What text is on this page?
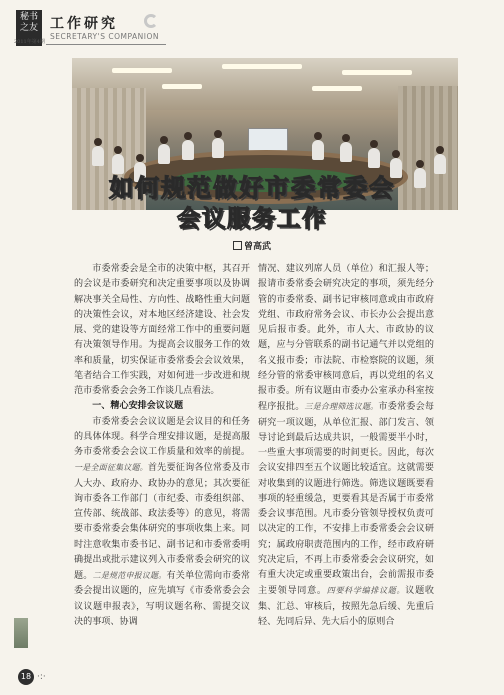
秘书
之友
2011年第4期
工作研究
SECRETARY'S COMPANION
如何规范做好市委常委会
会议服务工作
曾高武

市委常委会是全市的决策中枢，其召开的会议是市委研究和决定重要事项以及协调解决事关全局性、方向性、战略性重大问题的决策性会议，对本地区经济建设、社会发展、党的建设等方面经常工作中的重要问题有决策领导作用。为提高会议服务工作的效率和质量，切实保证市委常委会会议效果，笔者结合工作实践，对如何进一步改进和规范市委常委会会务工作谈几点看法。

一、精心安排会议议题

市委常委会会议议题是会议目的和任务的具体体现。科学合理安排议题，是提高服务市委常委会会议工作质量和效率的前提。一是全面征集议题。首先要征询各位常委及市人大办、政府办、政协办的意见；其次要征询市委各工作部门（市纪委、市委组织部、宣传部、统战部、政法委等）的意见，将需要市委常委会集体研究的事项收集上来。同时注意收集市委书记、副书记和市委常委明确提出或批示建议列入市委常委会研究的议题。二是规范申报议题。有关单位需向市委常委会提出议题的，应先填写《市委常委会会议议题申报表》，写明议题名称、需提交议决的事项、协调

情况、建议列席人员（单位）和汇报人等；报请市委常委会研究决定的事项，须先经分管的市委常委、副书记审核同意或由市政府党组、市政府常务会议、市长办公会提出意见后报市委。此外，市人大、市政协的议题，应与分管联系的副书记通气并以党组的名义报市委；市法院、市检察院的议题，须经分管的常委审核同意后，再以党组的名义报市委。所有议题由市委办公室承办科室按程序报批。三是合理筛选议题。市委常委会每研究一项议题，从单位汇报、部门发言、领导讨论到最后达成共识，一般需要半小时，一些重大事项需要的时间更长。因此，每次会议安排四至五个议题比较适宜。这就需要对收集到的议题进行筛选。筛选议题既要看事项的轻重缓急，更要看其是否属于市委常委会议事范围。凡市委分管领导授权负责可以决定的工作，不安排上市委常委会会议研究；属政府职责范围内的工作，经市政府研究决定后，不再上市委常委会会议研究，如有重大决定或重要政策出台，会前需报市委主要领导同意。四要科学编排议题。议题收集、汇总、审核后，按照先急后缓、先重后轻、先同后异、先大后小的原则合

18 ·:·
